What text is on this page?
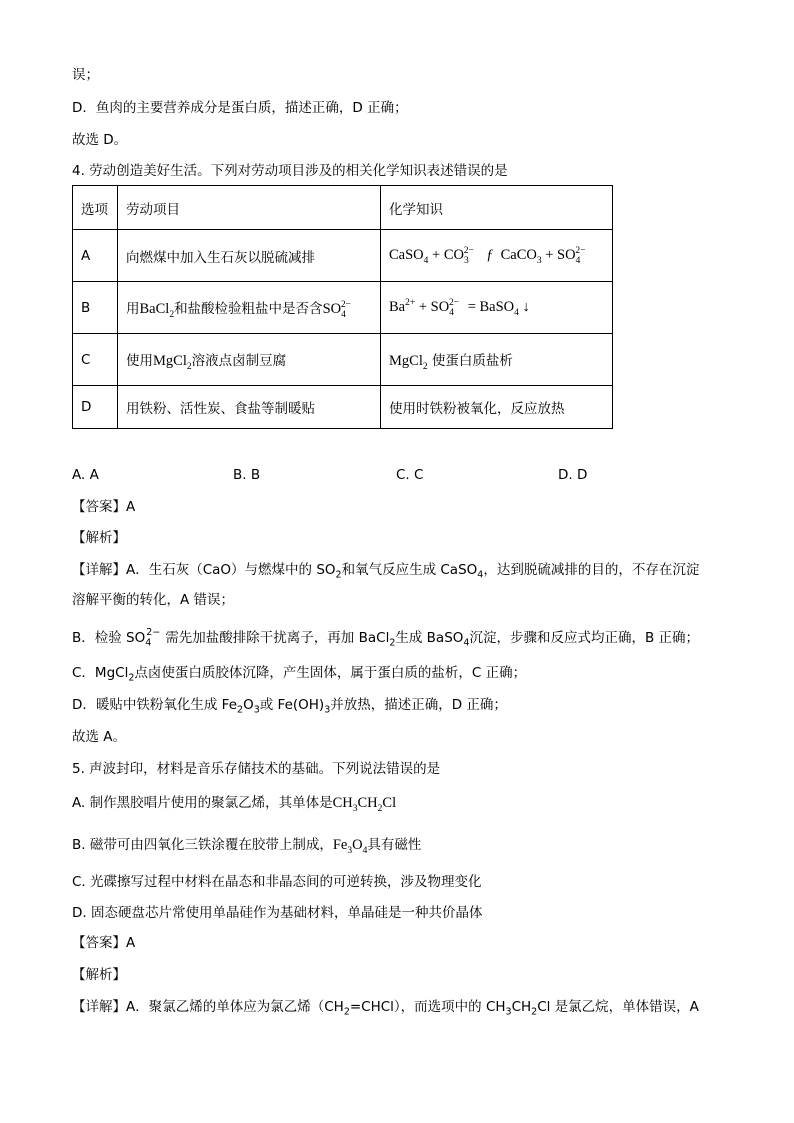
误；
D．鱼肉的主要营养成分是蛋白质，描述正确，D 正确；
故选 D。
4. 劳动创造美好生活。下列对劳动项目涉及的相关化学知识表述错误的是
选项	劳动项目	化学知识
A	向燃煤中加入生石灰以脱硫减排	CaSO$_4$ + $CO_3^{2-}$ ƒ CaCO$_3$ + $SO_4^{2-}$
B	用BaCl$_2$和盐酸检验粗盐中是否含$SO_4^{2-}$	$Ba^{2+} + SO_4^{2-}$ = BaSO$_4$ ↓
C	使用MgCl$_2$溶液点卤制豆腐	MgCl$_2$ 使蛋白质盐析
D	用铁粉、活性炭、食盐等制暖贴	使用时铁粉被氧化，反应放热
A. A	B. B	C. C	D. D
【答案】A
【解析】
【详解】A．生石灰（CaO）与燃煤中的 $SO_2$和氧气反应生成 CaSO$_4$，达到脱硫减排的目的，不存在沉淀
溶解平衡的转化，A 错误；
B．检验 $SO_4^{2-}$ 需先加盐酸排除干扰离子，再加 BaCl$_2$生成 BaSO$_4$沉淀，步骤和反应式均正确，B 正确；
C．MgCl$_2$点卤使蛋白质胶体沉降，产生固体，属于蛋白质的盐析，C 正确；
D．暖贴中铁粉氧化生成 $Fe_2O_3$或 $Fe(OH)_3$并放热，描述正确，D 正确；
故选 A。
5. 声波封印，材料是音乐存储技术的基础。下列说法错误的是
A. 制作黑胶唱片使用的聚氯乙烯，其单体是$CH_3CH_2Cl$
B. 磁带可由四氧化三铁涂覆在胶带上制成，$Fe_3O_4$具有磁性
C. 光碟擦写过程中材料在晶态和非晶态间的可逆转换，涉及物理变化
D. 固态硬盘芯片常使用单晶硅作为基础材料，单晶硅是一种共价晶体
【答案】A
【解析】
【详解】A．聚氯乙烯的单体应为氯乙烯$(CH_2=CHCl)$，而选项中的 $CH_3CH_2Cl$ 是氯乙烷，单体错误，A
